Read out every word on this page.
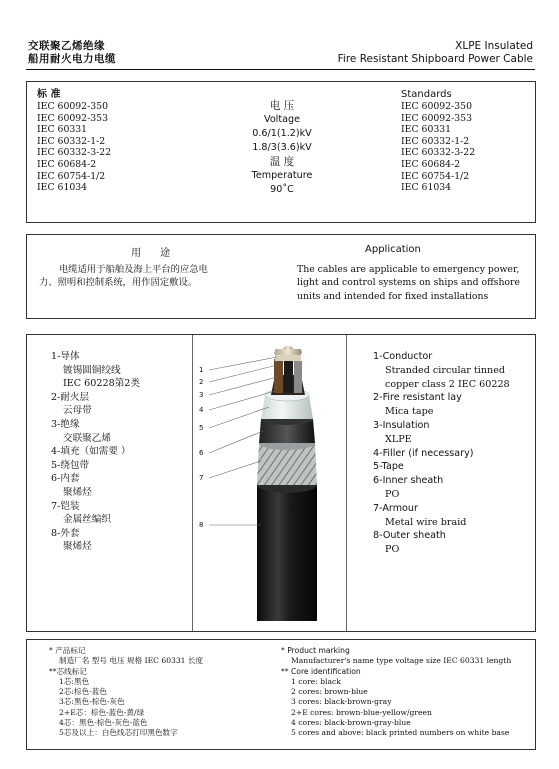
交联聚乙烯绝缘
船用耐火电力电缆
XLPE Insulated
Fire Resistant Shipboard Power Cable
标 准
IEC 60092-350
IEC 60092-353
IEC 60331
IEC 60332-1-2
IEC 60332-3-22
IEC 60684-2
IEC 60754-1/2
IEC 61034
电 压
Voltage
0.6/1(1.2)kV
1.8/3(3.6)kV
温 度
Temperature
90˚C
Standards
IEC 60092-350
IEC 60092-353
IEC 60331
IEC 60332-1-2
IEC 60332-3-22
IEC 60684-2
IEC 60754-1/2
IEC 61034
用      途	Application
电缆适用于船舶及海上平台的应急电
力、照明和控制系统，用作固定敷设。
The cables are applicable to emergency power,
light and control systems on ships and offshore
units and intended for fixed installations
1-导体
镀锡圆铜绞线
IEC 60228第2类
2-耐火层
云母带
3-绝缘
交联聚乙烯
4-填充（如需要 ）
5-绕包带
6-内套
聚烯烃
7-铠装
金属丝编织
8-外套
聚烯烃
1
2
3
4
5
6
7
8
1-Conductor
Stranded circular tinned
copper class 2 IEC 60228
2-Fire resistant lay
Mica tape
3-Insulation
XLPE
4-Filler (if necessary)
5-Tape
6-Inner sheath
PO
7-Armour
Metal wire braid
8-Outer sheath
PO
* 产品标记
制造厂名 型号 电压 规格 IEC 60331 长度
**芯线标记
1芯:黑色
2芯:棕色-蓝色
3芯:黑色-棕色-灰色
2+E芯：棕色-蓝色-黄/绿
4芯：黑色-棕色-灰色-蓝色
5芯及以上：白色线芯打印黑色数字
* Product marking
Manufacturer's name type voltage size IEC 60331 length
** Core identification
1 core: black
2 cores: brown-blue
3 cores: black-brown-gray
2+E cores: brown-blue-yellow/green
4 cores: black-brown-gray-blue
5 cores and above: black printed numbers on white base
